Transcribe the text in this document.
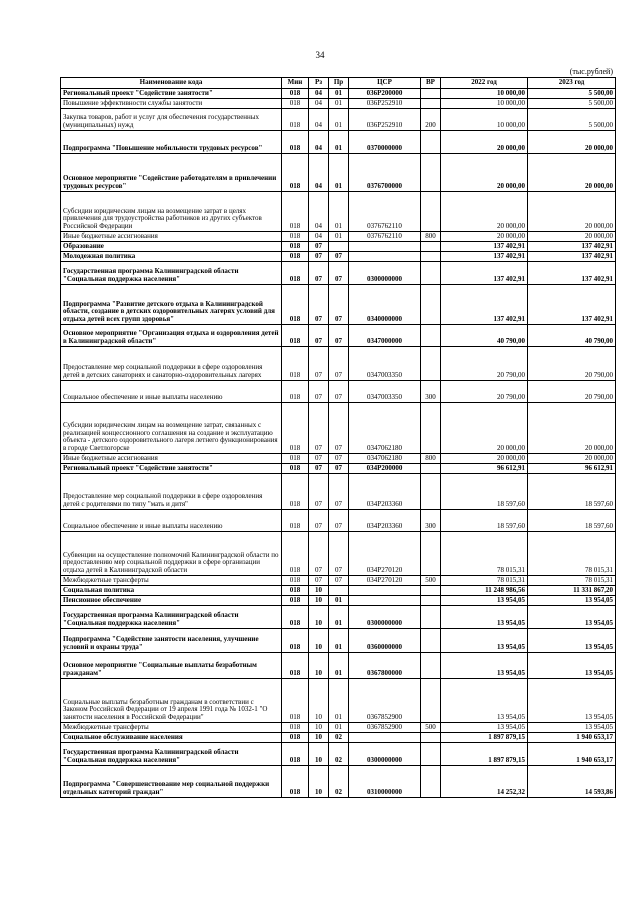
34
(тыс.рублей)
Наименование кода	Мин	Рз	Пр	ЦСР	ВР	2022 год	2023 год
Региональный проект "Содействие занятости"	018	04	01	036P200000		10 000,00	5 500,00
Повышение эффективности службы занятости	018	04	01	036P252910		10 000,00	5 500,00
Закупка товаров, работ и услуг для обеспечения государственных (муниципальных) нужд	018	04	01	036P252910	200	10 000,00	5 500,00
Подпрограмма "Повышение мобильности трудовых ресурсов"	018	04	01	0370000000		20 000,00	20 000,00
Основное мероприятие "Содействие работодателям в привлечении трудовых ресурсов"	018	04	01	0376700000		20 000,00	20 000,00
Субсидии юридическим лицам на возмещение затрат в целях привлечения для трудоустройства работников из других субъектов Российской Федерации	018	04	01	0376762110		20 000,00	20 000,00
Иные бюджетные ассигнования	018	04	01	0376762110	800	20 000,00	20 000,00
Образование	018	07				137 402,91	137 402,91
Молодежная политика	018	07	07			137 402,91	137 402,91
Государственная программа Калининградской области "Социальная поддержка населения"	018	07	07	0300000000		137 402,91	137 402,91
Подпрограмма "Развитие детского отдыха в Калининградской области, создание в детских оздоровительных лагерях условий для отдыха детей всех групп здоровья"	018	07	07	0340000000		137 402,91	137 402,91
Основное мероприятие "Организация отдыха и оздоровления детей в Калининградской области"	018	07	07	0347000000		40 790,00	40 790,00
Предоставление мер социальной поддержки в сфере оздоровления детей в детских санаториях и санаторно-оздоровительных лагерях	018	07	07	0347003350		20 790,00	20 790,00
Социальное обеспечение и иные выплаты населению	018	07	07	0347003350	300	20 790,00	20 790,00
Субсидии юридическим лицам на возмещение затрат, связанных с реализацией концессионного соглашения на создание и эксплуатацию объекта - детского оздоровительного лагеря летнего функционирования в городе Светлогорске	018	07	07	0347062180		20 000,00	20 000,00
Иные бюджетные ассигнования	018	07	07	0347062180	800	20 000,00	20 000,00
Региональный проект "Содействие занятости"	018	07	07	034P200000		96 612,91	96 612,91
Предоставление мер социальной поддержки в сфере оздоровления детей с родителями по типу "мать и дитя"	018	07	07	034P203360		18 597,60	18 597,60
Социальное обеспечение и иные выплаты населению	018	07	07	034P203360	300	18 597,60	18 597,60
Субвенции на осуществление полномочий Калининградской области по предоставлению мер социальной поддержки в сфере организации отдыха детей в Калининградской области	018	07	07	034P270120		78 015,31	78 015,31
Межбюджетные трансферты	018	07	07	034P270120	500	78 015,31	78 015,31
Социальная политика	018	10				11 248 986,56	11 331 867,20
Пенсионное обеспечение	018	10	01			13 954,05	13 954,05
Государственная программа Калининградской области "Социальная поддержка населения"	018	10	01	0300000000		13 954,05	13 954,05
Подпрограмма "Содействие занятости населения, улучшение условий и охраны труда"	018	10	01	0360000000		13 954,05	13 954,05
Основное мероприятие "Социальные выплаты безработным гражданам"	018	10	01	0367800000		13 954,05	13 954,05
Социальные выплаты безработным гражданам в соответствии с Законом Российской Федерации от 19 апреля 1991 года № 1032-1 "О занятости населения в Российской Федерации"	018	10	01	0367852900		13 954,05	13 954,05
Межбюджетные трансферты	018	10	01	0367852900	500	13 954,05	13 954,05
Социальное обслуживание населения	018	10	02			1 897 879,15	1 940 653,17
Государственная программа Калининградской области "Социальная поддержка населения"	018	10	02	0300000000		1 897 879,15	1 940 653,17
Подпрограмма "Совершенствование мер социальной поддержки отдельных категорий граждан"	018	10	02	0310000000		14 252,32	14 593,86
